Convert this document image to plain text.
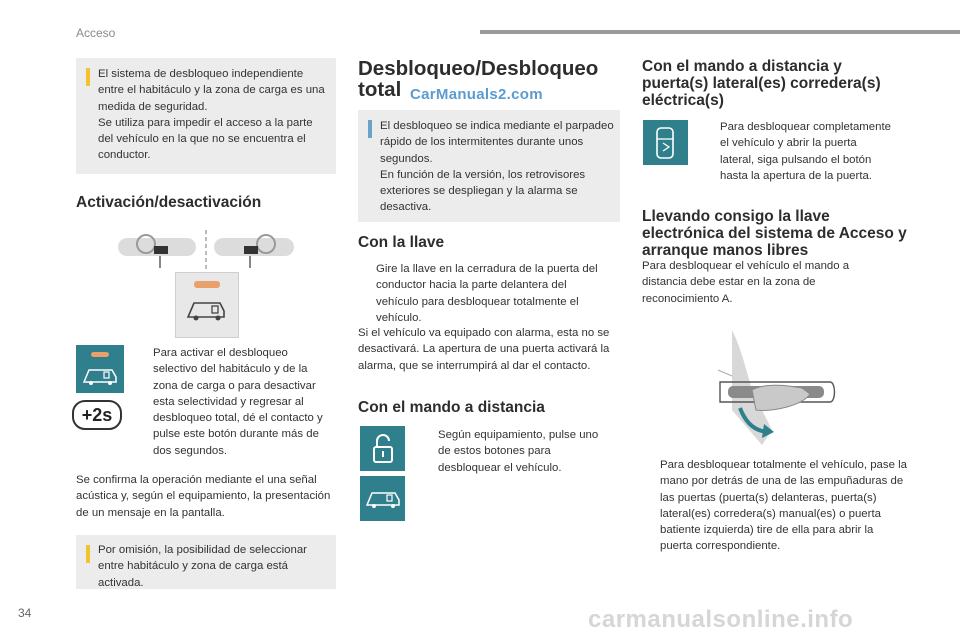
Acceso
El sistema de desbloqueo independiente entre el habitáculo y la zona de carga es una medida de seguridad.
Se utiliza para impedir el acceso a la parte del vehículo en la que no se encuentra el conductor.
Activación/desactivación
+2s
Para activar el desbloqueo selectivo del habitáculo y de la zona de carga o para desactivar esta selectividad y regresar al desbloqueo total, dé el contacto y pulse este botón durante más de dos segundos.
Se confirma la operación mediante el una señal acústica y, según el equipamiento, la presentación de un mensaje en la pantalla.
Por omisión, la posibilidad de seleccionar entre habitáculo y zona de carga está activada.
Desbloqueo/Desbloqueo total CarManuals2.com
El desbloqueo se indica mediante el parpadeo rápido de los intermitentes durante unos segundos.
En función de la versión, los retrovisores exteriores se despliegan y la alarma se desactiva.
Con la llave
Gire la llave en la cerradura de la puerta del conductor hacia la parte delantera del vehículo para desbloquear totalmente el vehículo.
Si el vehículo va equipado con alarma, esta no se desactivará. La apertura de una puerta activará la alarma, que se interrumpirá al dar el contacto.
Con el mando a distancia
Según equipamiento, pulse uno de estos botones para desbloquear el vehículo.
Con el mando a distancia y puerta(s) lateral(es) corredera(s) eléctrica(s)
Para desbloquear completamente el vehículo y abrir la puerta lateral, siga pulsando el botón hasta la apertura de la puerta.
Llevando consigo la llave electrónica del sistema de Acceso y arranque manos libres
Para desbloquear el vehículo el mando a distancia debe estar en la zona de reconocimiento A.
Para desbloquear totalmente el vehículo, pase la mano por detrás de una de las empuñaduras de las puertas (puerta(s) delanteras, puerta(s) lateral(es) corredera(s) manual(es) o puerta batiente izquierda) tire de ella para abrir la puerta correspondiente.
34	carmanualsonline.info
